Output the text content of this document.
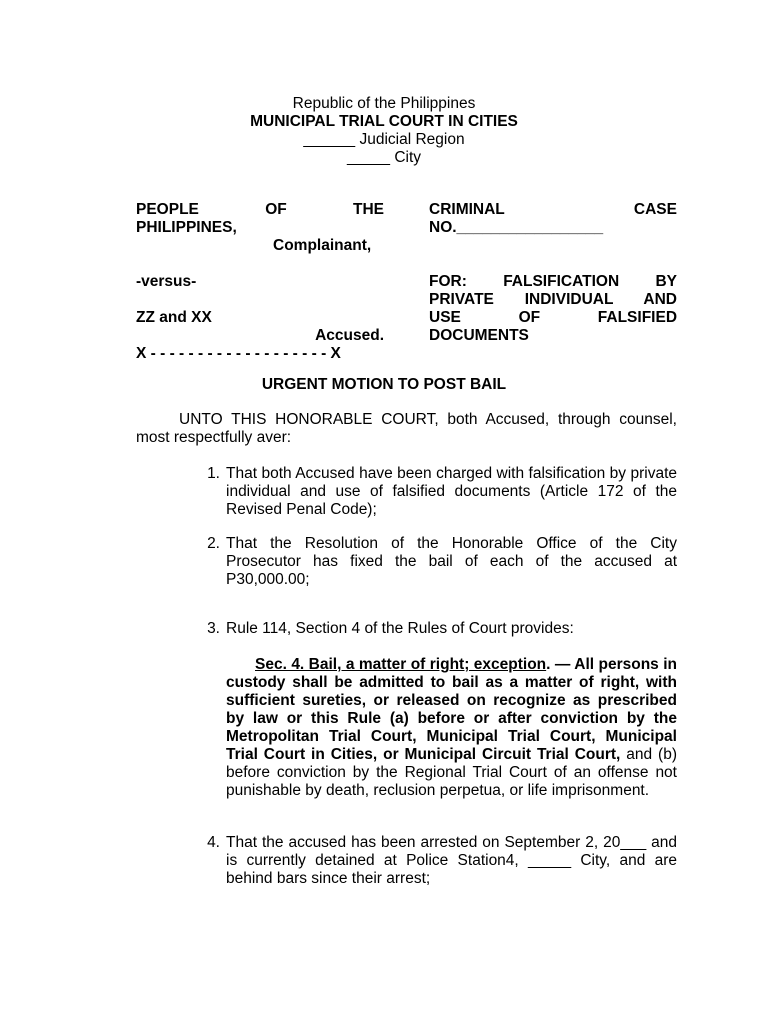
Republic of the Philippines
MUNICIPAL TRIAL COURT IN CITIES
______ Judicial Region
_____ City
PEOPLE	OF	THE
PHILIPPINES,
Complainant,
-versus-
ZZ and XX
Accused.
X - - - - - - - - - - - - - - - - - - - X
CRIMINAL	CASE
NO._________________
FOR: FALSIFICATION BY
PRIVATE INDIVIDUAL AND
USE	OF	FALSIFIED
DOCUMENTS
URGENT MOTION TO POST BAIL
UNTO THIS HONORABLE COURT, both Accused, through counsel, most respectfully aver:
1. That both Accused have been charged with falsification by private individual and use of falsified documents (Article 172 of the Revised Penal Code);
2. That the Resolution of the Honorable Office of the City Prosecutor has fixed the bail of each of the accused at P30,000.00;
3. Rule 114, Section 4 of the Rules of Court provides:
Sec. 4. Bail, a matter of right; exception. — All persons in custody shall be admitted to bail as a matter of right, with sufficient sureties, or released on recognize as prescribed by law or this Rule (a) before or after conviction by the Metropolitan Trial Court, Municipal Trial Court, Municipal Trial Court in Cities, or Municipal Circuit Trial Court, and (b) before conviction by the Regional Trial Court of an offense not punishable by death, reclusion perpetua, or life imprisonment.
4. That the accused has been arrested on September 2, 20___ and is currently detained at Police Station4, _____ City, and are behind bars since their arrest;
